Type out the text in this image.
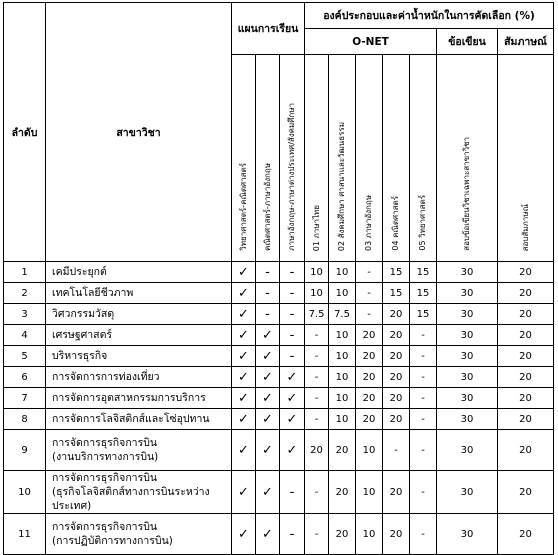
ลำดับ	สาขาวิชา	แผนการเรียน			องค์ประกอบและค่าน้ำหนักในการคัดเลือก (%)						
					O-NET					ข้อเขียน	สัมภาษณ์

		วิทยาศาสตร์-คณิตศาสตร์	คณิตศาสตร์-ภาษาอังกฤษ	ภาษาอังกฤษ-ภาษาต่างประเทศ/สังคมศึกษา	01 ภาษาไทย	02 สังคมศึกษา ศาสนาและวัฒนธรรม	03 ภาษาอังกฤษ	04 คณิตศาสตร์	05 วิทยาศาสตร์	สอบข้อเขียนวิชาเฉพาะสาขาวิชา	สอบสัมภาษณ์

1	เคมีประยุกต์	✓	-	-	10	10	-	15	15	30	20
2	เทคโนโลยีชีวภาพ	✓	-	-	10	10	-	15	15	30	20
3	วิศวกรรมวัสดุ	✓	-	-	7.5	7.5	-	20	15	30	20
4	เศรษฐศาสตร์	✓	✓	-	-	10	20	20	-	30	20
5	บริหารธุรกิจ	✓	✓	-	-	10	20	20	-	30	20
6	การจัดการการท่องเที่ยว	✓	✓	✓	-	10	20	20	-	30	20
7	การจัดการอุตสาหกรรมการบริการ	✓	✓	✓	-	10	20	20	-	30	20
8	การจัดการโลจิสติกส์และโซ่อุปทาน	✓	✓	✓	-	10	20	20	-	30	20
9	การจัดการธุรกิจการบิน
(งานบริการทางการบิน)	✓	✓	✓	20	20	10	-	-	30	20
10	การจัดการธุรกิจการบิน
(ธุรกิจโลจิสติกส์ทางการบินระหว่างประเทศ)	✓	✓	-	-	20	10	20	-	30	20
11	การจัดการธุรกิจการบิน
(การปฏิบัติการทางการบิน)	✓	✓	-	-	20	10	20	-	30	20
